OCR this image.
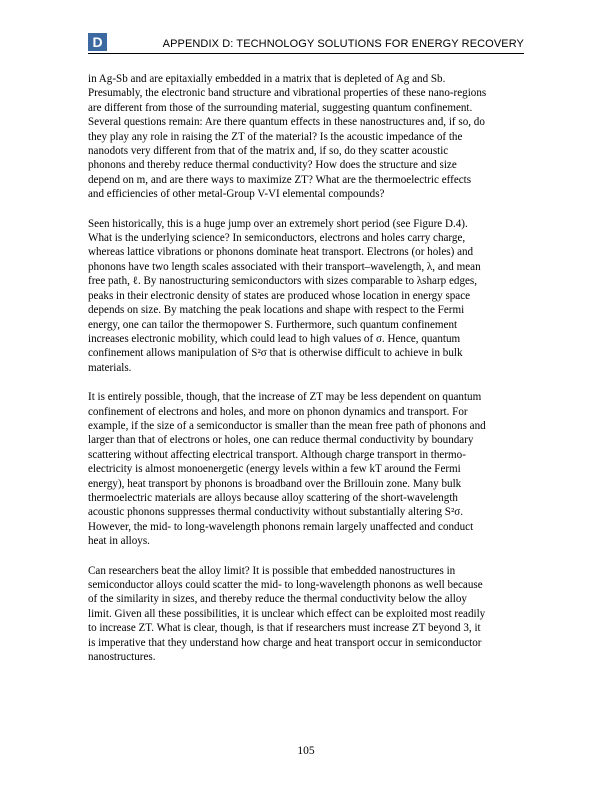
D	APPENDIX D: TECHNOLOGY SOLUTIONS FOR ENERGY RECOVERY

in Ag-Sb and are epitaxially embedded in a matrix that is depleted of Ag and Sb.
Presumably, the electronic band structure and vibrational properties of these nano-regions
are different from those of the surrounding material, suggesting quantum confinement.
Several questions remain: Are there quantum effects in these nanostructures and, if so, do
they play any role in raising the ZT of the material? Is the acoustic impedance of the
nanodots very different from that of the matrix and, if so, do they scatter acoustic
phonons and thereby reduce thermal conductivity? How does the structure and size
depend on m, and are there ways to maximize ZT? What are the thermoelectric effects
and efficiencies of other metal-Group V-VI elemental compounds?

Seen historically, this is a huge jump over an extremely short period (see Figure D.4).
What is the underlying science? In semiconductors, electrons and holes carry charge,
whereas lattice vibrations or phonons dominate heat transport. Electrons (or holes) and
phonons have two length scales associated with their transport–wavelength, λ, and mean
free path, ℓ. By nanostructuring semiconductors with sizes comparable to λsharp edges,
peaks in their electronic density of states are produced whose location in energy space
depends on size. By matching the peak locations and shape with respect to the Fermi
energy, one can tailor the thermopower S. Furthermore, such quantum confinement
increases electronic mobility, which could lead to high values of σ. Hence, quantum
confinement allows manipulation of S²σ that is otherwise difficult to achieve in bulk
materials.

It is entirely possible, though, that the increase of ZT may be less dependent on quantum
confinement of electrons and holes, and more on phonon dynamics and transport. For
example, if the size of a semiconductor is smaller than the mean free path of phonons and
larger than that of electrons or holes, one can reduce thermal conductivity by boundary
scattering without affecting electrical transport. Although charge transport in thermo-
electricity is almost monoenergetic (energy levels within a few kT around the Fermi
energy), heat transport by phonons is broadband over the Brillouin zone. Many bulk
thermoelectric materials are alloys because alloy scattering of the short-wavelength
acoustic phonons suppresses thermal conductivity without substantially altering S²σ.
However, the mid- to long-wavelength phonons remain largely unaffected and conduct
heat in alloys.

Can researchers beat the alloy limit? It is possible that embedded nanostructures in
semiconductor alloys could scatter the mid- to long-wavelength phonons as well because
of the similarity in sizes, and thereby reduce the thermal conductivity below the alloy
limit. Given all these possibilities, it is unclear which effect can be exploited most readily
to increase ZT. What is clear, though, is that if researchers must increase ZT beyond 3, it
is imperative that they understand how charge and heat transport occur in semiconductor
nanostructures.

105
